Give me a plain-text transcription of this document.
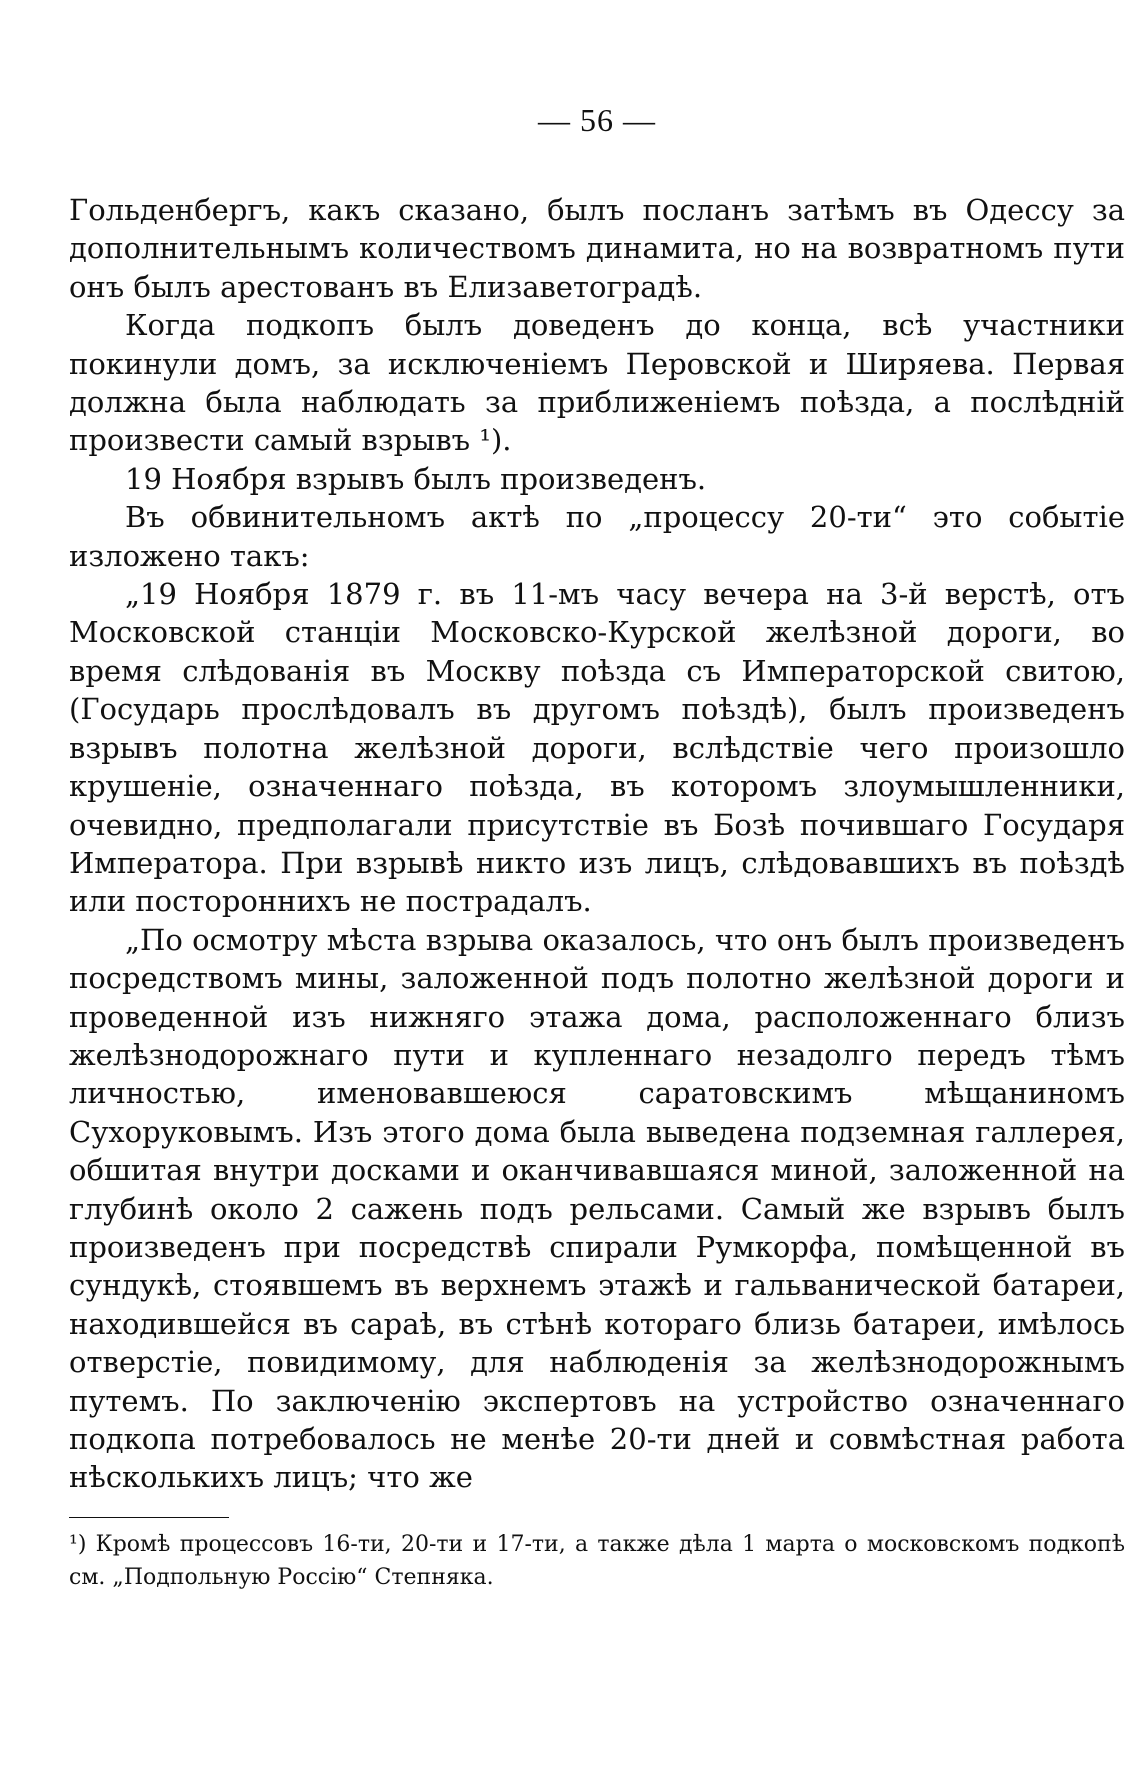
— 56 —

Гольденбергъ, какъ сказано, былъ посланъ затѣмъ въ Одессу за дополнительнымъ количествомъ динамита, но на возвратномъ пути онъ былъ арестованъ въ Елизаветоградѣ.

Когда подкопъ былъ доведенъ до конца, всѣ участники покинули домъ, за исключеніемъ Перовской и Ширяева. Первая должна была наблюдать за приближеніемъ поѣзда, а послѣдній произвести самый взрывъ ¹).

19 Ноября взрывъ былъ произведенъ.

Въ обвинительномъ актѣ по „процессу 20-ти“ это событіе изложено такъ:

„19 Ноября 1879 г. въ 11-мъ часу вечера на 3-й верстѣ, отъ Московской станціи Московско-Курской желѣзной дороги, во время слѣдованія въ Москву поѣзда съ Императорской свитою, (Государь прослѣдовалъ въ другомъ поѣздѣ), былъ произведенъ взрывъ полотна желѣзной дороги, вслѣдствіе чего произошло крушеніе, означеннаго поѣзда, въ которомъ злоумышленники, очевидно, предполагали присутствіе въ Бозѣ почившаго Государя Императора. При взрывѣ никто изъ лицъ, слѣдовавшихъ въ поѣздѣ или постороннихъ не пострадалъ.

„По осмотру мѣста взрыва оказалось, что онъ былъ произведенъ посредствомъ мины, заложенной подъ полотно желѣзной дороги и проведенной изъ нижняго этажа дома, расположеннаго близъ желѣзнодорожнаго пути и купленнаго незадолго передъ тѣмъ личностью, именовавшеюся саратовскимъ мѣщаниномъ Сухоруковымъ. Изъ этого дома была выведена подземная галлерея, обшитая внутри досками и оканчивавшаяся миной, заложенной на глубинѣ около 2 сажень подъ рельсами. Самый же взрывъ былъ произведенъ при посредствѣ спирали Румкорфа, помѣщенной въ сундукѣ, стоявшемъ въ верхнемъ этажѣ и гальванической батареи, находившейся въ сараѣ, въ стѣнѣ котораго близь батареи, имѣлось отверстіе, повидимому, для наблюденія за желѣзнодорожнымъ путемъ. По заключенію экспертовъ на устройство означеннаго подкопа потребовалось не менѣе 20-ти дней и совмѣстная работа нѣсколькихъ лицъ; что же

¹) Кромѣ процессовъ 16-ти, 20-ти и 17-ти, а также дѣла 1 марта о московскомъ подкопѣ см. „Подпольную Россію“ Степняка.
